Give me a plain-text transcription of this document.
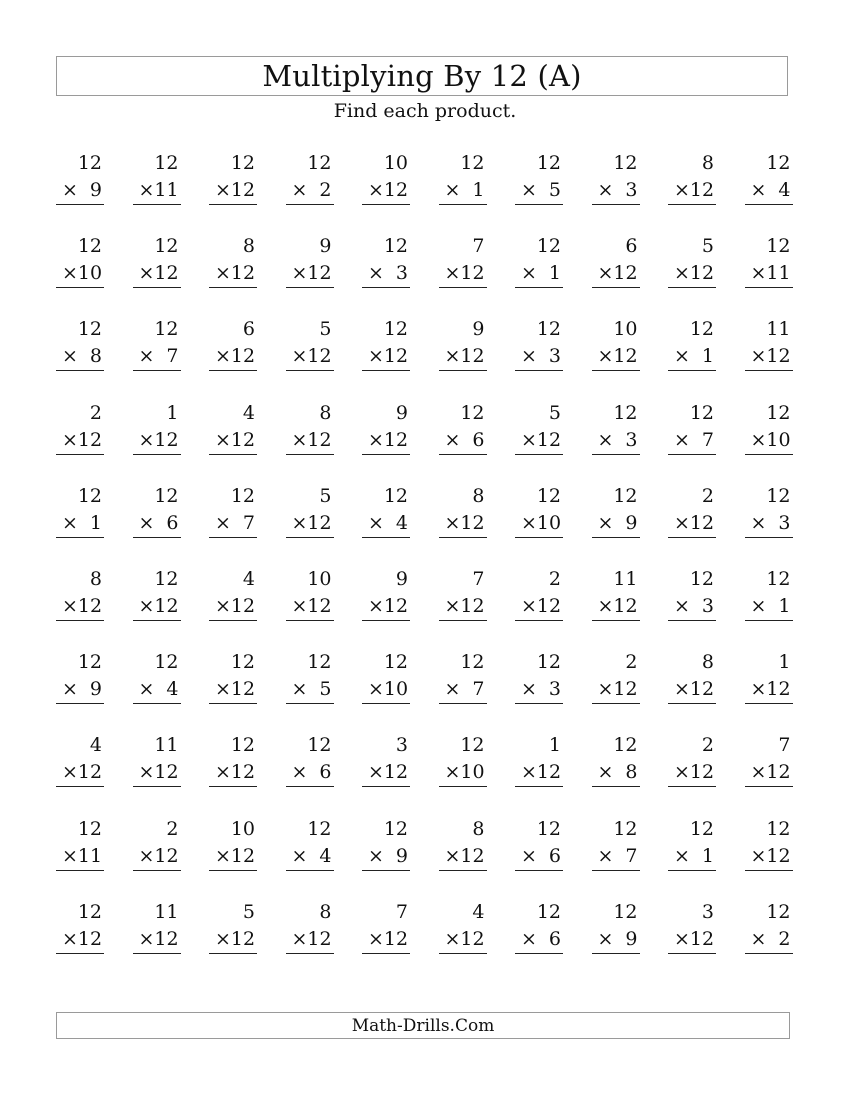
Multiplying By 12 (A)
Find each product.
12
× 9
12
× 11
12
× 12
12
× 2
10
× 12
12
× 1
12
× 5
12
× 3
8
× 12
12
× 4
12
× 10
12
× 12
8
× 12
9
× 12
12
× 3
7
× 12
12
× 1
6
× 12
5
× 12
12
× 11
12
× 8
12
× 7
6
× 12
5
× 12
12
× 12
9
× 12
12
× 3
10
× 12
12
× 1
11
× 12
2
× 12
1
× 12
4
× 12
8
× 12
9
× 12
12
× 6
5
× 12
12
× 3
12
× 7
12
× 10
12
× 1
12
× 6
12
× 7
5
× 12
12
× 4
8
× 12
12
× 10
12
× 9
2
× 12
12
× 3
8
× 12
12
× 12
4
× 12
10
× 12
9
× 12
7
× 12
2
× 12
11
× 12
12
× 3
12
× 1
12
× 9
12
× 4
12
× 12
12
× 5
12
× 10
12
× 7
12
× 3
2
× 12
8
× 12
1
× 12
4
× 12
11
× 12
12
× 12
12
× 6
3
× 12
12
× 10
1
× 12
12
× 8
2
× 12
7
× 12
12
× 11
2
× 12
10
× 12
12
× 4
12
× 9
8
× 12
12
× 6
12
× 7
12
× 1
12
× 12
12
× 12
11
× 12
5
× 12
8
× 12
7
× 12
4
× 12
12
× 6
12
× 9
3
× 12
12
× 2
Math-Drills.Com
